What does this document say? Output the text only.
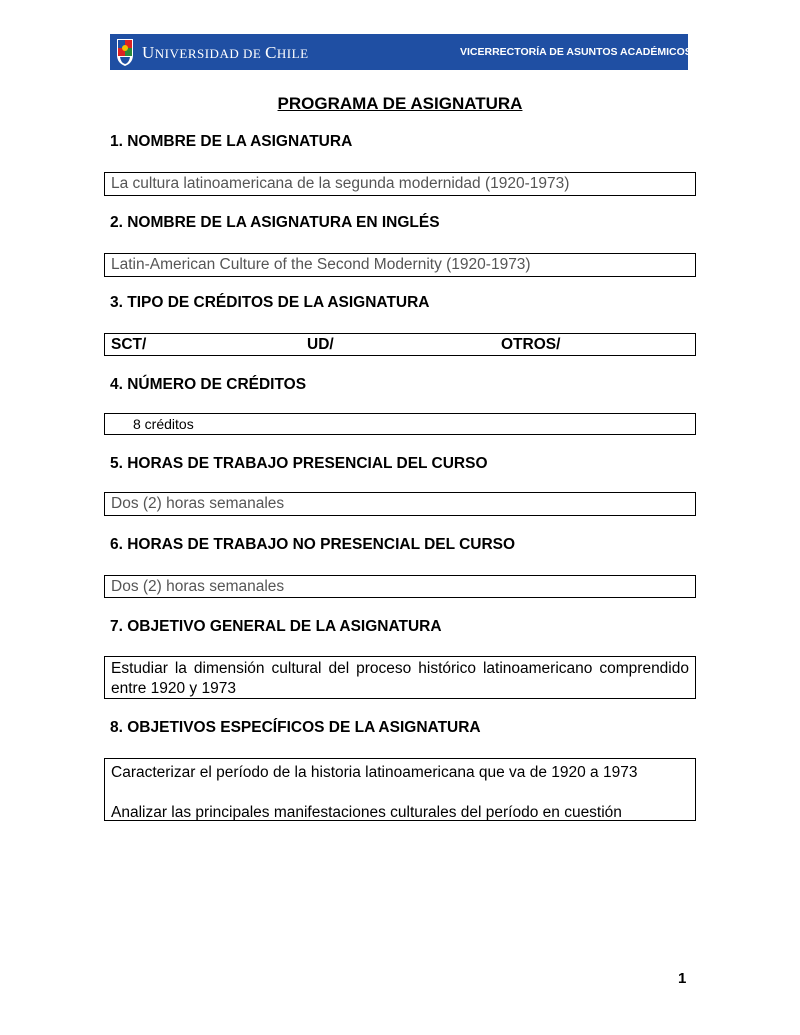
UNIVERSIDAD DE CHILE	VICERRECTORÍA DE ASUNTOS ACADÉMICOS
PROGRAMA DE ASIGNATURA
1. NOMBRE DE LA ASIGNATURA
La cultura latinoamericana de la segunda modernidad (1920-1973)
2. NOMBRE DE LA ASIGNATURA EN INGLÉS
Latin-American Culture of the Second Modernity (1920-1973)
3. TIPO DE CRÉDITOS DE LA ASIGNATURA
SCT/	UD/	OTROS/
4. NÚMERO DE CRÉDITOS
8 créditos
5. HORAS DE TRABAJO PRESENCIAL DEL CURSO
Dos (2) horas semanales
6. HORAS DE TRABAJO NO PRESENCIAL DEL CURSO
Dos (2) horas semanales
7. OBJETIVO GENERAL DE LA ASIGNATURA
Estudiar la dimensión cultural del proceso histórico latinoamericano comprendido entre 1920 y 1973
8. OBJETIVOS ESPECÍFICOS DE LA ASIGNATURA

Caracterizar el período de la historia latinoamericana que va de 1920 a 1973

Analizar las principales manifestaciones culturales del período en cuestión

1
